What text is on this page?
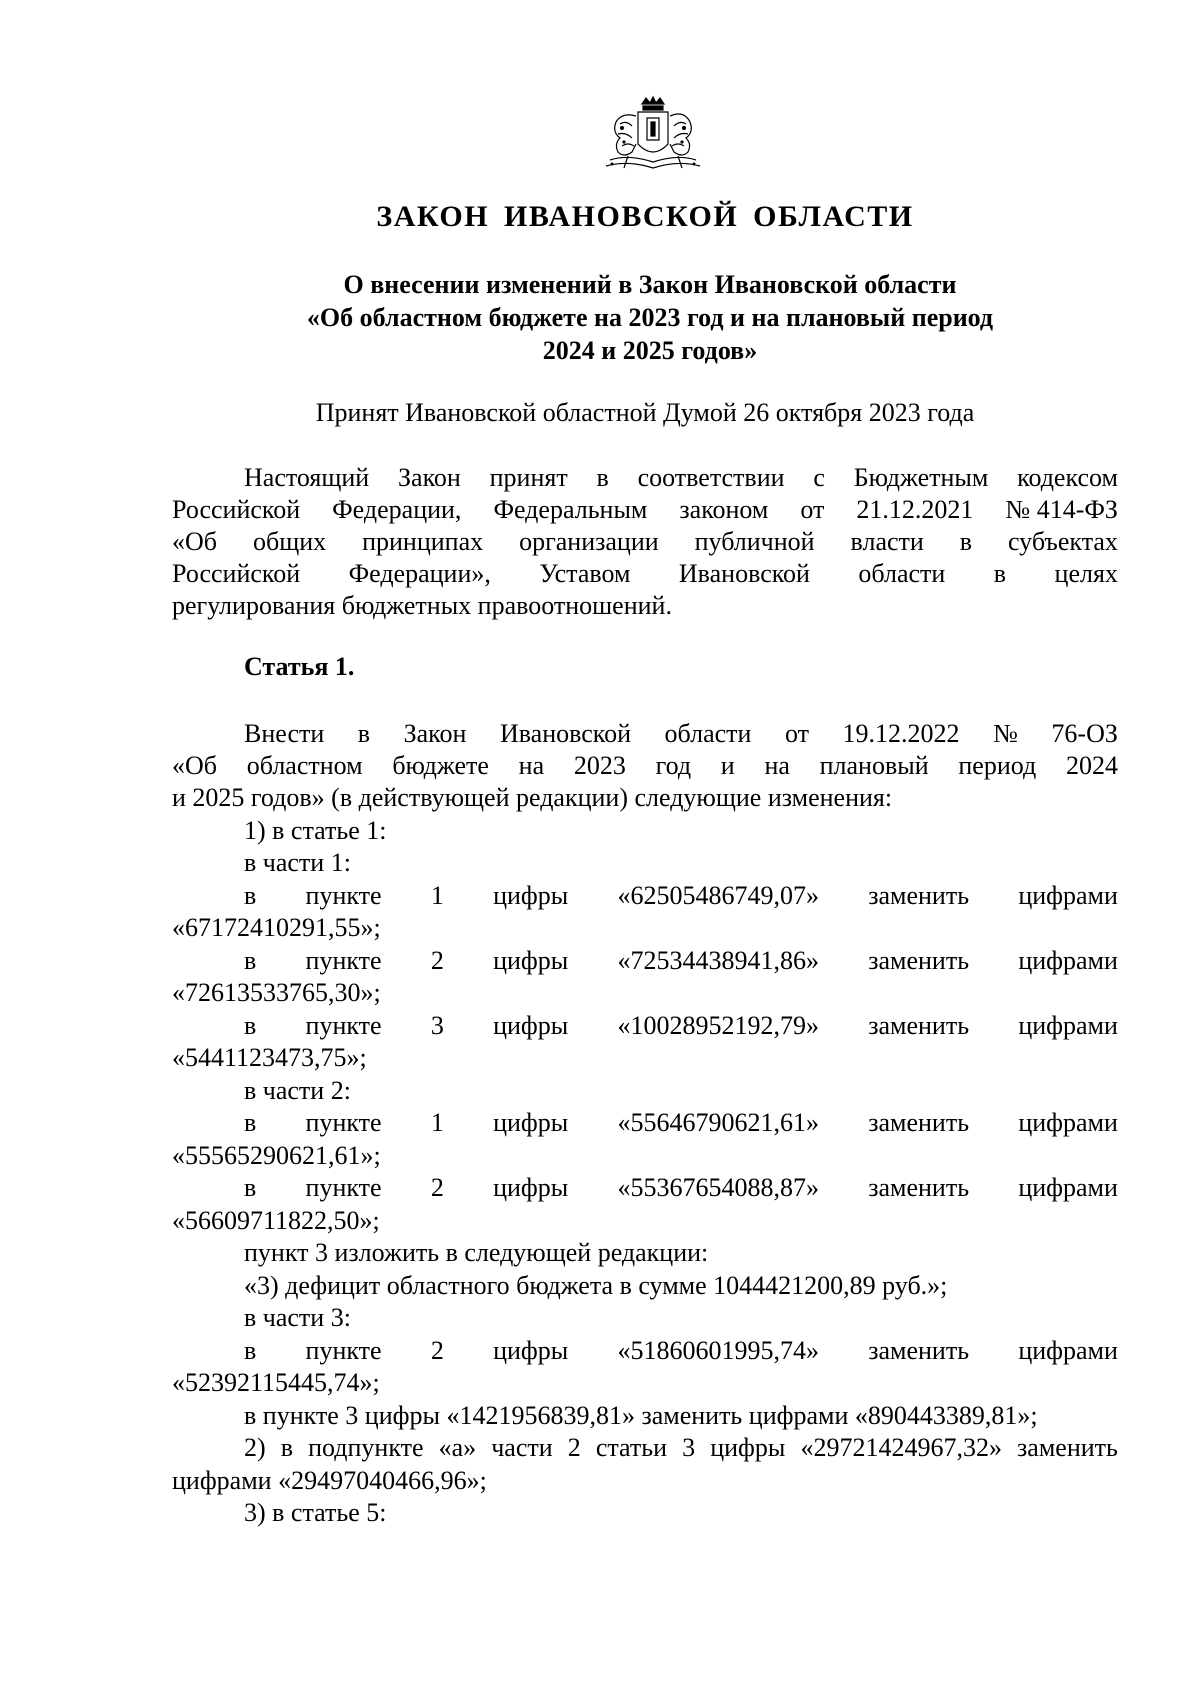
ЗАКОН ИВАНОВСКОЙ ОБЛАСТИ
О внесении изменений в Закон Ивановской области
«Об областном бюджете на 2023 год и на плановый период
2024 и 2025 годов»
Принят Ивановской областной Думой 26 октября 2023 года
Настоящий Закон принят в соответствии с Бюджетным кодексом
Российской Федерации, Федеральным законом от 21.12.2021 № 414-ФЗ
«Об общих принципах организации публичной власти в субъектах
Российской Федерации», Уставом Ивановской области в целях
регулирования бюджетных правоотношений.
Статья 1.
Внести в Закон Ивановской области от 19.12.2022 № 76-ОЗ
«Об областном бюджете на 2023 год и на плановый период 2024
и 2025 годов» (в действующей редакции) следующие изменения:
1) в статье 1:
в части 1:
в пункте 1 цифры «62505486749,07» заменить цифрами
«67172410291,55»;
в пункте 2 цифры «72534438941,86» заменить цифрами
«72613533765,30»;
в пункте 3 цифры «10028952192,79» заменить цифрами
«5441123473,75»;
в части 2:
в пункте 1 цифры «55646790621,61» заменить цифрами
«55565290621,61»;
в пункте 2 цифры «55367654088,87» заменить цифрами
«56609711822,50»;
пункт 3 изложить в следующей редакции:
«3) дефицит областного бюджета в сумме 1044421200,89 руб.»;
в части 3:
в пункте 2 цифры «51860601995,74» заменить цифрами
«52392115445,74»;
в пункте 3 цифры «1421956839,81» заменить цифрами «890443389,81»;
2) в подпункте «а» части 2 статьи 3 цифры «29721424967,32» заменить
цифрами «29497040466,96»;
3) в статье 5:
